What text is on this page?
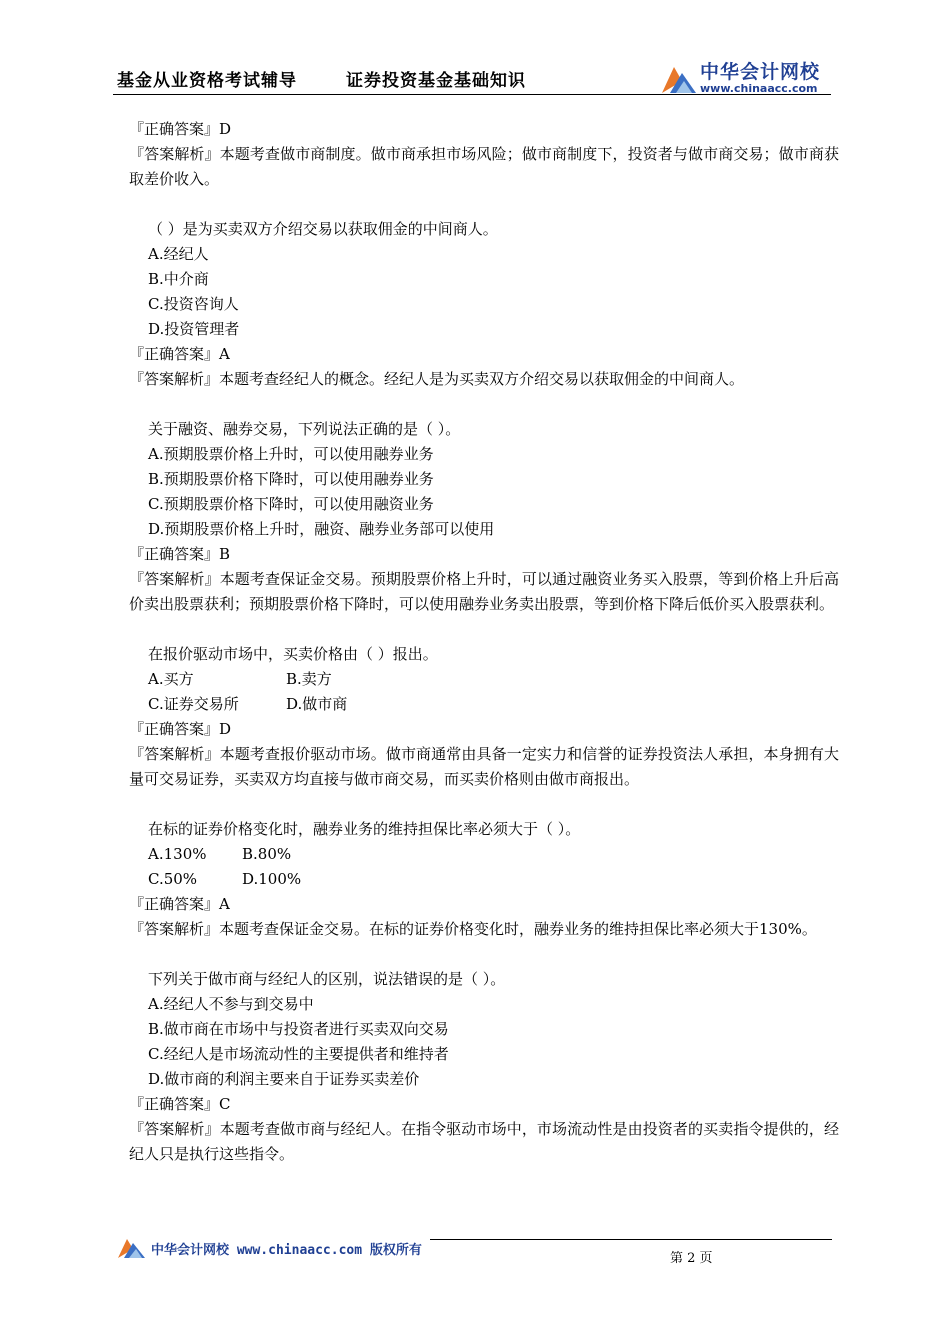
基金从业资格考试辅导	证券投资基金基础知识	中华会计网校
www.chinaacc.com
『正确答案』D
『答案解析』本题考查做市商制度。做市商承担市场风险；做市商制度下，投资者与做市商交易；做市商获取差价收入。
（ ）是为买卖双方介绍交易以获取佣金的中间商人。
A.经纪人
B.中介商
C.投资咨询人
D.投资管理者
『正确答案』A
『答案解析』本题考查经纪人的概念。经纪人是为买卖双方介绍交易以获取佣金的中间商人。
关于融资、融券交易，下列说法正确的是（ ）。
A.预期股票价格上升时，可以使用融券业务
B.预期股票价格下降时，可以使用融券业务
C.预期股票价格下降时，可以使用融资业务
D.预期股票价格上升时，融资、融券业务部可以使用
『正确答案』B
『答案解析』本题考查保证金交易。预期股票价格上升时，可以通过融资业务买入股票，等到价格上升后高价卖出股票获利；预期股票价格下降时，可以使用融券业务卖出股票，等到价格下降后低价买入股票获利。
在报价驱动市场中，买卖价格由（ ）报出。
A.买方	B.卖方
C.证券交易所	D.做市商
『正确答案』D
『答案解析』本题考查报价驱动市场。做市商通常由具备一定实力和信誉的证券投资法人承担，本身拥有大量可交易证券，买卖双方均直接与做市商交易，而买卖价格则由做市商报出。
在标的证券价格变化时，融券业务的维持担保比率必须大于（ ）。
A.130% B.80%
C.50%	D.100%
『正确答案』A
『答案解析』本题考查保证金交易。在标的证券价格变化时，融券业务的维持担保比率必须大于130%。
下列关于做市商与经纪人的区别，说法错误的是（ ）。
A.经纪人不参与到交易中
B.做市商在市场中与投资者进行买卖双向交易
C.经纪人是市场流动性的主要提供者和维持者
D.做市商的利润主要来自于证券买卖差价
『正确答案』C
『答案解析』本题考查做市商与经纪人。在指令驱动市场中，市场流动性是由投资者的买卖指令提供的，经纪人只是执行这些指令。
中华会计网校 www.chinaacc.com 版权所有
第 2 页
